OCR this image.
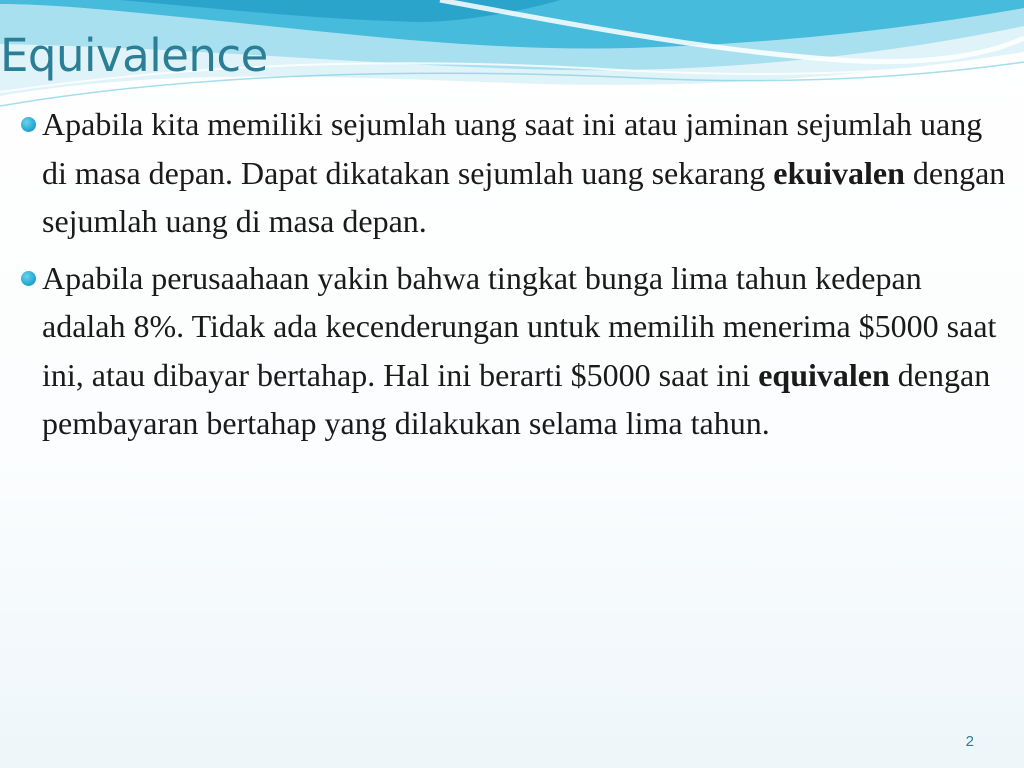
Equivalence

Apabila kita memiliki sejumlah uang saat ini atau jaminan sejumlah uang di masa depan. Dapat dikatakan sejumlah uang sekarang ekuivalen dengan sejumlah uang di masa depan.

Apabila perusaahaan yakin bahwa tingkat bunga lima tahun kedepan adalah 8%. Tidak ada kecenderungan untuk memilih menerima $5000 saat ini, atau dibayar bertahap. Hal ini berarti $5000 saat ini equivalen dengan pembayaran bertahap yang dilakukan selama lima tahun.

2
